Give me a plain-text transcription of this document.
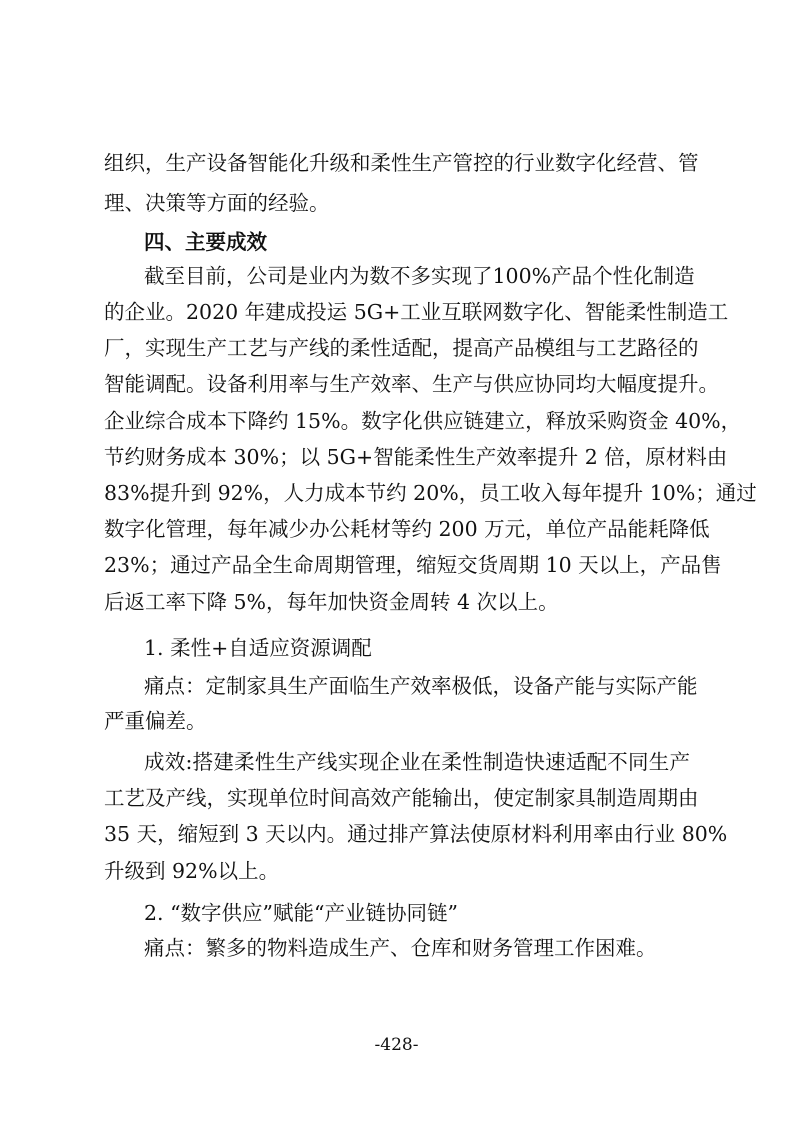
组织，生产设备智能化升级和柔性生产管控的行业数字化经营、管
理、决策等方面的经验。
四、主要成效
截至目前，公司是业内为数不多实现了100%产品个性化制造
的企业。2020 年建成投运 5G+工业互联网数字化、智能柔性制造工
厂，实现生产工艺与产线的柔性适配，提高产品模组与工艺路径的
智能调配。设备利用率与生产效率、生产与供应协同均大幅度提升。
企业综合成本下降约 15%。数字化供应链建立，释放采购资金 40%，
节约财务成本 30%；以 5G+智能柔性生产效率提升 2 倍，原材料由
83%提升到 92%，人力成本节约 20%，员工收入每年提升 10%；通过
数字化管理，每年减少办公耗材等约 200 万元，单位产品能耗降低
23%；通过产品全生命周期管理，缩短交货周期 10 天以上，产品售
后返工率下降 5%，每年加快资金周转 4 次以上。
1. 柔性+自适应资源调配
痛点：定制家具生产面临生产效率极低，设备产能与实际产能
严重偏差。
成效:搭建柔性生产线实现企业在柔性制造快速适配不同生产
工艺及产线，实现单位时间高效产能输出，使定制家具制造周期由
35 天，缩短到 3 天以内。通过排产算法使原材料利用率由行业 80%
升级到 92%以上。
2. “数字供应”赋能“产业链协同链”
痛点：繁多的物料造成生产、仓库和财务管理工作困难。
-428-
